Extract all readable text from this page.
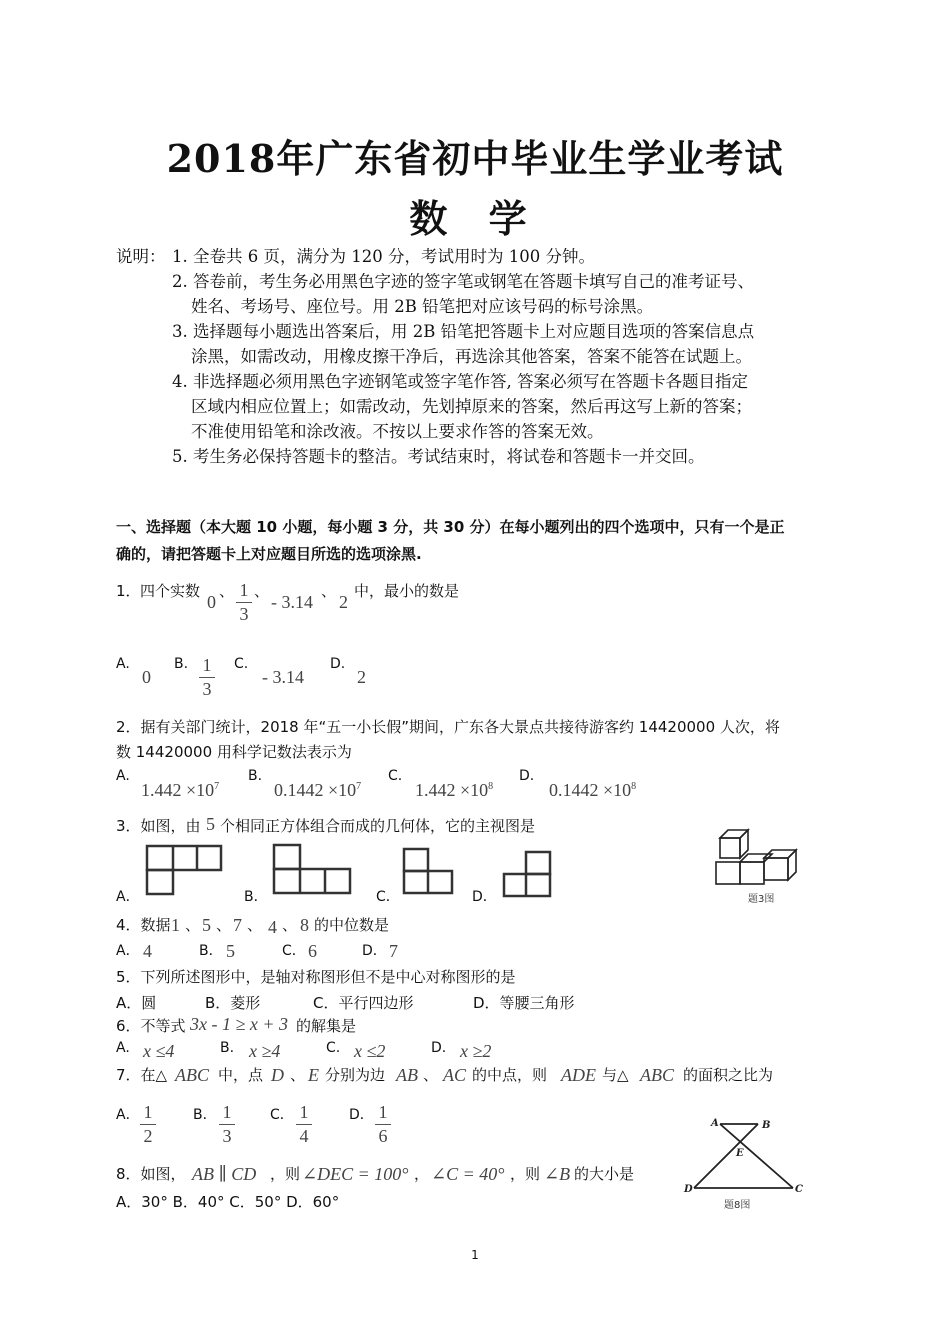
2018年广东省初中毕业生学业考试
数 学
说明： 1. 全卷共 6 页，满分为 120 分，考试用时为 100 分钟。
2. 答卷前，考生务必用黑色字迹的签字笔或钢笔在答题卡填写自己的准考证号、
姓名、考场号、座位号。用 2B 铅笔把对应该号码的标号涂黑。
3. 选择题每小题选出答案后，用 2B 铅笔把答题卡上对应题目选项的答案信息点
涂黑，如需改动，用橡皮擦干净后，再选涂其他答案，答案不能答在试题上。
4. 非选择题必须用黑色字迹钢笔或签字笔作答, 答案必须写在答题卡各题目指定
区域内相应位置上；如需改动，先划掉原来的答案，然后再这写上新的答案；
不准使用铅笔和涂改液。不按以上要求作答的答案无效。
5. 考生务必保持答题卡的整洁。考试结束时，将试卷和答题卡一并交回。
一、选择题（本大题 10 小题，每小题 3 分，共 30 分）在每小题列出的四个选项中，只有一个是正
确的，请把答题卡上对应题目所选的选项涂黑.
1． 四个实数
0
、 1
3
、
- 3.14
、
2
中，最小的数是
A.
0
B. 1
3
C.
- 3.14
D.
2
2．据有关部门统计，2018 年“五一小长假”期间，广东各大景点共接待游客约 14420000 人次，将
数 14420000 用科学记数法表示为
A.
$1.442 \times 10^7$
B.
$0.1442 \times 10^7$
C.
$1.442 \times 10^8$
D.
$0.1442 \times 10^8$
3．如图，由 5 个相同正方体组合而成的几何体，它的主视图是
A．	B．	C．	D．	题3图
4．数据 1 、 5 、 7 、 4 、 8 的中位数是
A． 4	B． 5	C． 6	D． 7
5．下列所述图形中，是轴对称图形但不是中心对称图形的是
A．圆	B．菱形	C．平行四边形	D．等腰三角形
6．不等式 3x - 1 ≥ x + 3 的解集是
A. x ≤4	B. x ≥4	C. x ≤2	D. x ≥2
7．在△ ABC 中，点 D 、 E 分别为边 AB 、 AC 的中点，则 ADE 与△ ABC 的面积之比为
A． 1
2
B． 1
3
C． 1
4
D． 1
6
8．如图， AB ∥ CD ，则 ∠DEC = 100° ， ∠C = 40° ，则 ∠B 的大小是
A．30° B．40° C．50° D．60°
A	B
E
D	C
题8图
1
